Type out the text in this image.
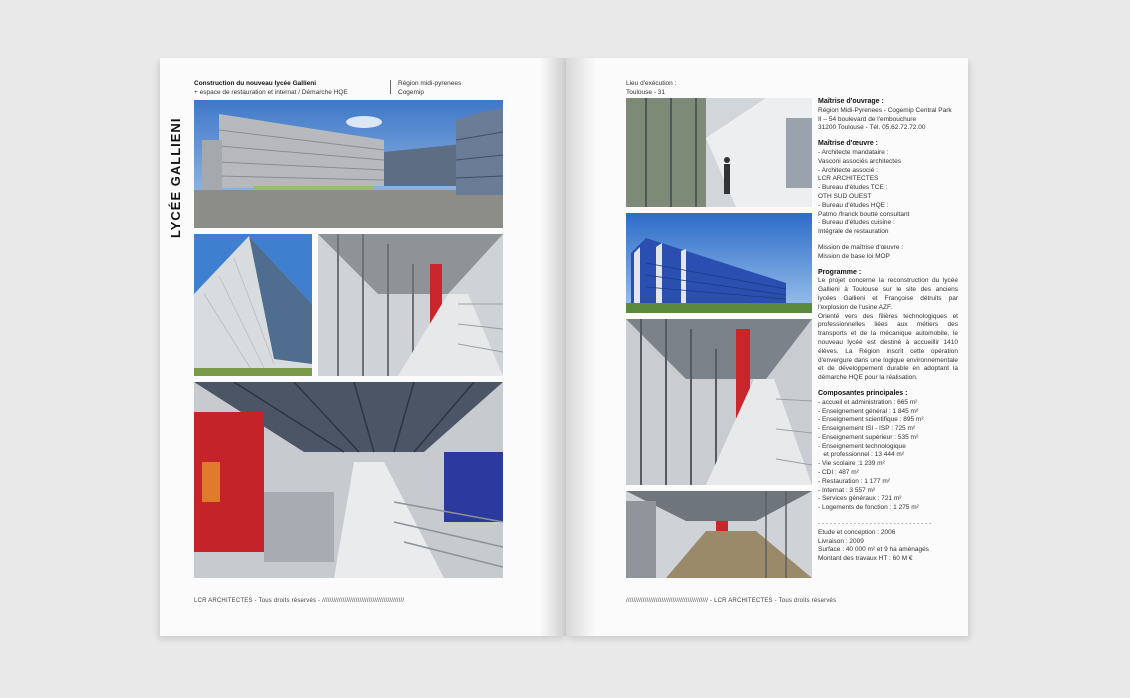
LYCÉE GALLIENI
Construction du nouveau lycée Gallieni
+ espace de restauration et internat / Démarche HQE
Région midi-pyrenees
Cogemip
LCR ARCHITECTES - Tous droits réservés - ////////////////////////////////////////////
Lieu d'exécution :
Toulouse - 31
Maîtrise d'ouvrage :
Région Midi-Pyrenees - Cogemip Central Park
II – 54 boulevard de l'embouchure
31200 Toulouse - Tél. 05.62.72.72.00
Maîtrise d'œuvre :
- Architecte mandataire :
Vasconi associés architectes
- Architecte associé :
LCR ARCHITECTES
- Bureau d'études TCE :
OTH SUD OUEST
- Bureau d'études HQE :
Patmo /franck boutté consultant
- Bureau d'études cuisine :
Intégrale de restauration
Mission de maîtrise d'œuvre :
Mission de base loi MOP
Programme :

Le projet concerne la reconstruction du lycée Gallieni à Toulouse sur le site des anciens lycées Gallieni et Françoise détruits par l'explosion de l'usine AZF.

Orienté vers des filières technologiques et professionnelles liées aux métiers des transports et de la mécanique automobile, le nouveau lycée est destiné à accueillir 1410 élèves. La Région inscrit cette opération d'envergure dans une logique environnementale et de développement durable en adoptant la démarche HQE pour la réalisation.

Composantes principales :
- accueil et administration : 665 m²
- Enseignement général : 1 845 m²
- Enseignement scientifique : 895 m²
- Enseignement ISI - ISP : 725 m²
- Enseignement supérieur : 535 m²
- Enseignement technologique
et professionnel : 13 444 m²
- Vie scolaire :1 239 m²
- CDI : 487 m²
- Restauration : 1 177 m²
- Internat : 3 557 m²
- Services généraux : 721 m²
- Logements de fonction : 1 275 m²
- - - - - - - - - - - - - - - - - - - - - - - - - - - - -
Etude et conception : 2006
Livraison : 2009
Surface : 40 000 m² et 9 ha aménagés
Montant des travaux HT : 60 M €
//////////////////////////////////////////// - LCR ARCHITECTES - Tous droits réservés
